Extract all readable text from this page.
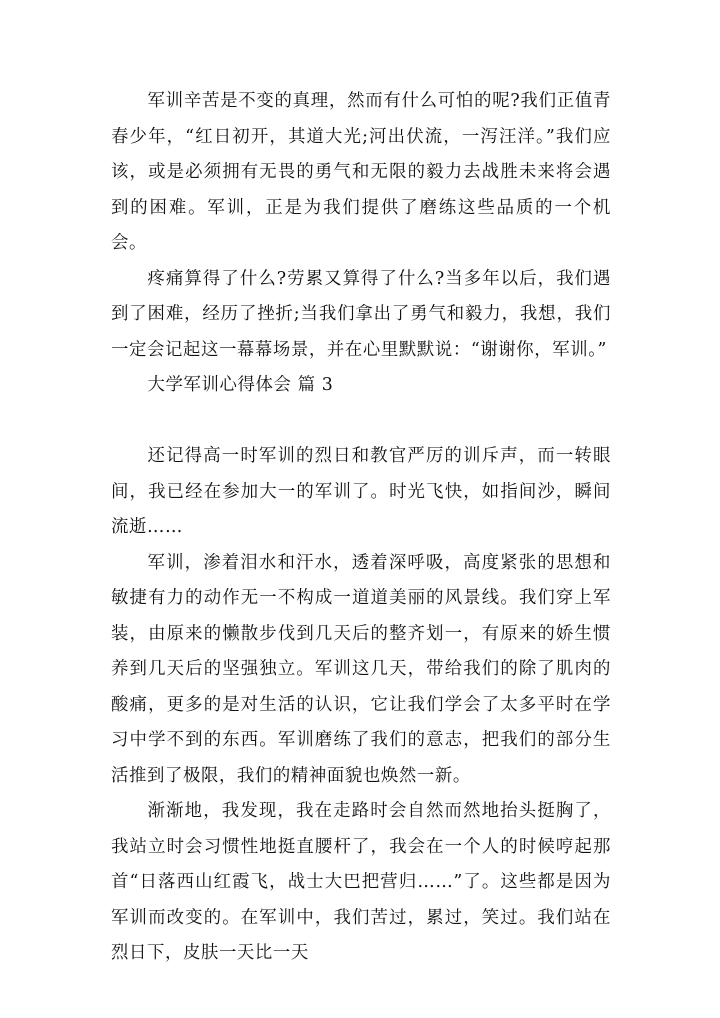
军训辛苦是不变的真理，然而有什么可怕的呢?我们正值青春少年，“红日初开，其道大光;河出伏流，一泻汪洋。”我们应该，或是必须拥有无畏的勇气和无限的毅力去战胜未来将会遇到的困难。军训，正是为我们提供了磨练这些品质的一个机会。

疼痛算得了什么?劳累又算得了什么?当多年以后，我们遇到了困难，经历了挫折;当我们拿出了勇气和毅力，我想，我们一定会记起这一幕幕场景，并在心里默默说：“谢谢你，军训。”

大学军训心得体会 篇 3

还记得高一时军训的烈日和教官严厉的训斥声，而一转眼间，我已经在参加大一的军训了。时光飞快，如指间沙，瞬间流逝……

军训，渗着泪水和汗水，透着深呼吸，高度紧张的思想和敏捷有力的动作无一不构成一道道美丽的风景线。我们穿上军装，由原来的懒散步伐到几天后的整齐划一，有原来的娇生惯养到几天后的坚强独立。军训这几天，带给我们的除了肌肉的酸痛，更多的是对生活的认识，它让我们学会了太多平时在学习中学不到的东西。军训磨练了我们的意志，把我们的部分生活推到了极限，我们的精神面貌也焕然一新。

渐渐地，我发现，我在走路时会自然而然地抬头挺胸了，我站立时会习惯性地挺直腰杆了，我会在一个人的时候哼起那首“日落西山红霞飞，战士大巴把营归……”了。这些都是因为军训而改变的。在军训中，我们苦过，累过，笑过。我们站在烈日下，皮肤一天比一天
